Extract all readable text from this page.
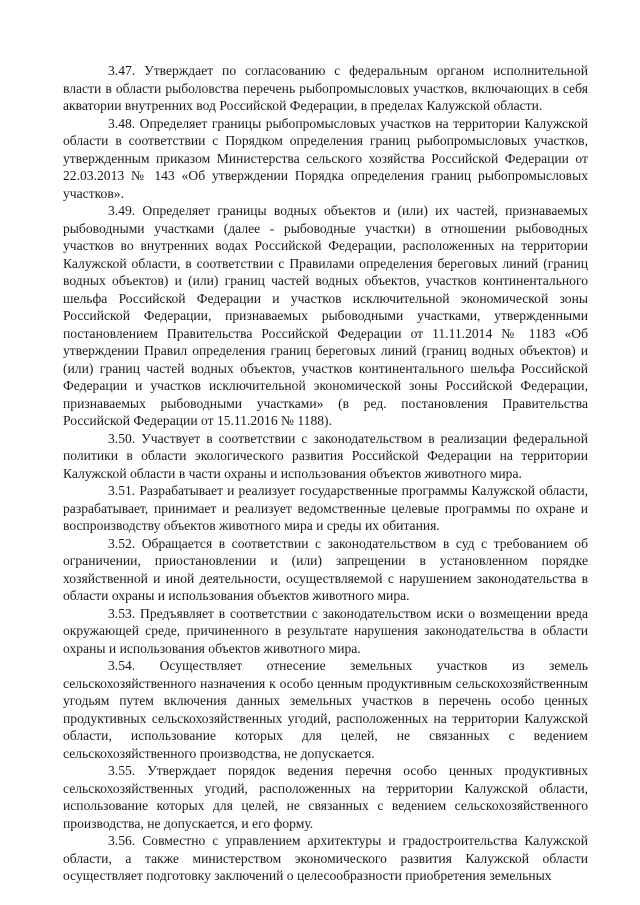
3.47. Утверждает по согласованию с федеральным органом исполнительной власти в области рыболовства перечень рыбопромысловых участков, включающих в себя акватории внутренних вод Российской Федерации, в пределах Калужской области.

3.48. Определяет границы рыбопромысловых участков на территории Калужской области в соответствии с Порядком определения границ рыбопромысловых участков, утвержденным приказом Министерства сельского хозяйства Российской Федерации от 22.03.2013 № 143 «Об утверждении Порядка определения границ рыбопромысловых участков».

3.49. Определяет границы водных объектов и (или) их частей, признаваемых рыбоводными участками (далее - рыбоводные участки) в отношении рыбоводных участков во внутренних водах Российской Федерации, расположенных на территории Калужской области, в соответствии с Правилами определения береговых линий (границ водных объектов) и (или) границ частей водных объектов, участков континентального шельфа Российской Федерации и участков исключительной экономической зоны Российской Федерации, признаваемых рыбоводными участками, утвержденными постановлением Правительства Российской Федерации от 11.11.2014 № 1183 «Об утверждении Правил определения границ береговых линий (границ водных объектов) и (или) границ частей водных объектов, участков континентального шельфа Российской Федерации и участков исключительной экономической зоны Российской Федерации, признаваемых рыбоводными участками» (в ред. постановления Правительства Российской Федерации от 15.11.2016 № 1188).

3.50. Участвует в соответствии с законодательством в реализации федеральной политики в области экологического развития Российской Федерации на территории Калужской области в части охраны и использования объектов животного мира.

3.51. Разрабатывает и реализует государственные программы Калужской области, разрабатывает, принимает и реализует ведомственные целевые программы по охране и воспроизводству объектов животного мира и среды их обитания.

3.52. Обращается в соответствии с законодательством в суд с требованием об ограничении, приостановлении и (или) запрещении в установленном порядке хозяйственной и иной деятельности, осуществляемой с нарушением законодательства в области охраны и использования объектов животного мира.

3.53. Предъявляет в соответствии с законодательством иски о возмещении вреда окружающей среде, причиненного в результате нарушения законодательства в области охраны и использования объектов животного мира.

3.54. Осуществляет отнесение земельных участков из земель сельскохозяйственного назначения к особо ценным продуктивным сельскохозяйственным угодьям путем включения данных земельных участков в перечень особо ценных продуктивных сельскохозяйственных угодий, расположенных на территории Калужской области, использование которых для целей, не связанных с ведением сельскохозяйственного производства, не допускается.

3.55. Утверждает порядок ведения перечня особо ценных продуктивных сельскохозяйственных угодий, расположенных на территории Калужской области, использование которых для целей, не связанных с ведением сельскохозяйственного производства, не допускается, и его форму.

3.56. Совместно с управлением архитектуры и градостроительства Калужской области, а также министерством экономического развития Калужской области осуществляет подготовку заключений о целесообразности приобретения земельных
